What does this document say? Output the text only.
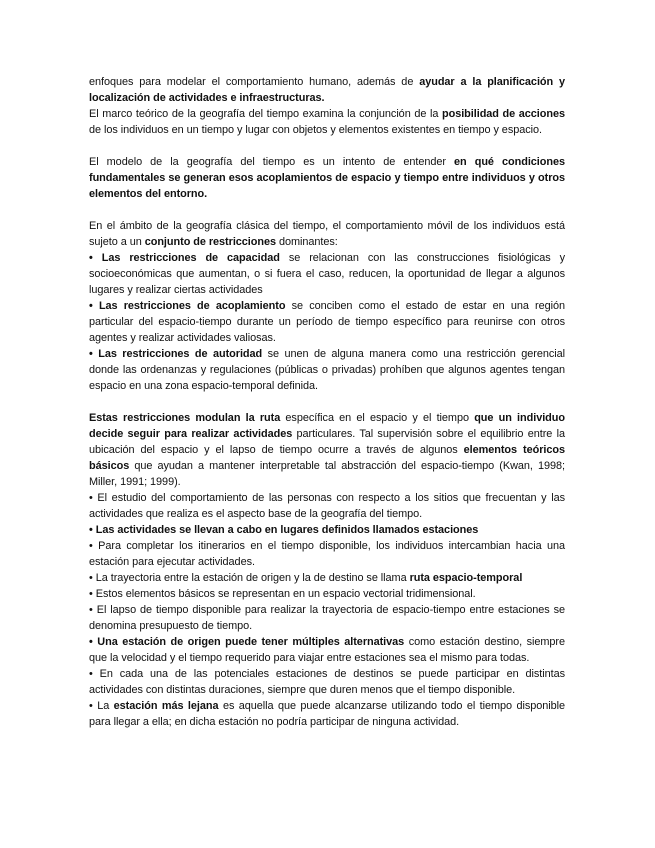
enfoques para modelar el comportamiento humano, además de ayudar a la planificación y localización de actividades e infraestructuras.

El marco teórico de la geografía del tiempo examina la conjunción de la posibilidad de acciones de los individuos en un tiempo y lugar con objetos y elementos existentes en tiempo y espacio.

El modelo de la geografía del tiempo es un intento de entender en qué condiciones fundamentales se generan esos acoplamientos de espacio y tiempo entre individuos y otros elementos del entorno.

En el ámbito de la geografía clásica del tiempo, el comportamiento móvil de los individuos está sujeto a un conjunto de restricciones dominantes:

• Las restricciones de capacidad se relacionan con las construcciones fisiológicas y socioeconómicas que aumentan, o si fuera el caso, reducen, la oportunidad de llegar a algunos lugares y realizar ciertas actividades

• Las restricciones de acoplamiento se conciben como el estado de estar en una región particular del espacio-tiempo durante un período de tiempo específico para reunirse con otros agentes y realizar actividades valiosas.

• Las restricciones de autoridad se unen de alguna manera como una restricción gerencial donde las ordenanzas y regulaciones (públicas o privadas) prohíben que algunos agentes tengan espacio en una zona espacio-temporal definida.

Estas restricciones modulan la ruta específica en el espacio y el tiempo que un individuo decide seguir para realizar actividades particulares. Tal supervisión sobre el equilibrio entre la ubicación del espacio y el lapso de tiempo ocurre a través de algunos elementos teóricos básicos que ayudan a mantener interpretable tal abstracción del espacio-tiempo (Kwan, 1998; Miller, 1991; 1999).

• El estudio del comportamiento de las personas con respecto a los sitios que frecuentan y las actividades que realiza es el aspecto base de la geografía del tiempo.

• Las actividades se llevan a cabo en lugares definidos llamados estaciones

• Para completar los itinerarios en el tiempo disponible, los individuos intercambian hacia una estación para ejecutar actividades.

• La trayectoria entre la estación de origen y la de destino se llama ruta espacio-temporal

• Estos elementos básicos se representan en un espacio vectorial tridimensional.

• El lapso de tiempo disponible para realizar la trayectoria de espacio-tiempo entre estaciones se denomina presupuesto de tiempo.

• Una estación de origen puede tener múltiples alternativas como estación destino, siempre que la velocidad y el tiempo requerido para viajar entre estaciones sea el mismo para todas.

• En cada una de las potenciales estaciones de destinos se puede participar en distintas actividades con distintas duraciones, siempre que duren menos que el tiempo disponible.

• La estación más lejana es aquella que puede alcanzarse utilizando todo el tiempo disponible para llegar a ella; en dicha estación no podría participar de ninguna actividad.
